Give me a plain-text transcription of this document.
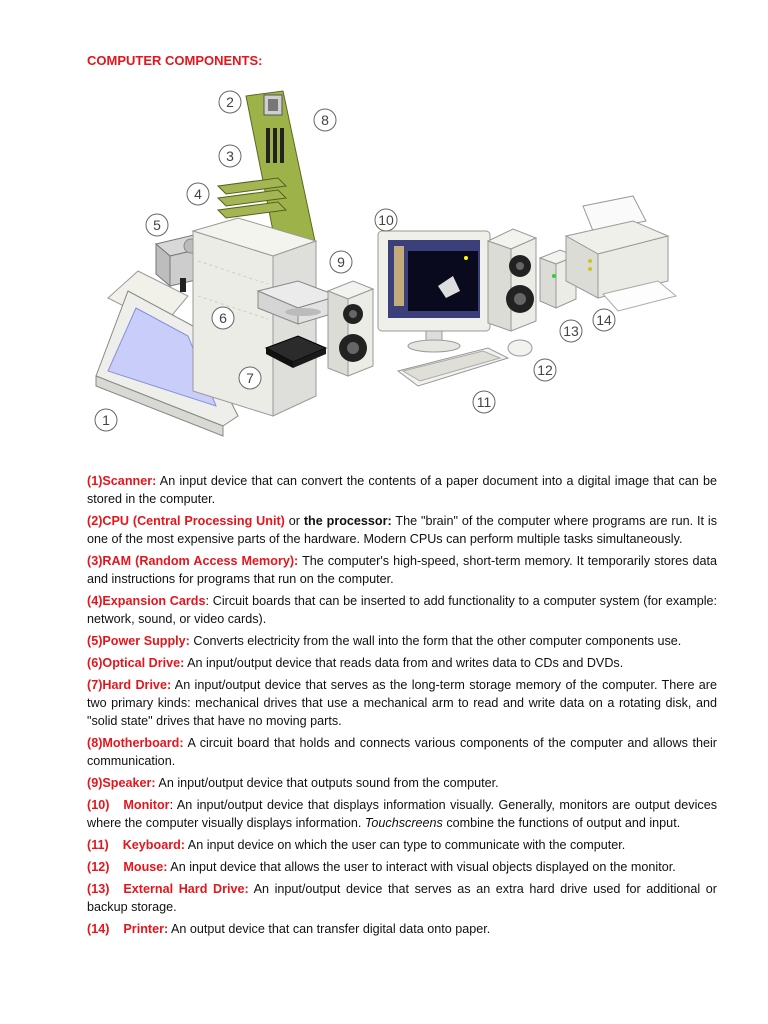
COMPUTER COMPONENTS:
1
2
3
4
5
6
7
8
9
10
11
12
13
14

(1)Scanner: An input device that can convert the contents of a paper document into a digital image that can be stored in the computer.

(2)CPU (Central Processing Unit) or the processor: The "brain" of the computer where programs are run. It is one of the most expensive parts of the hardware. Modern CPUs can perform multiple tasks simultaneously.

(3)RAM (Random Access Memory): The computer's high-speed, short-term memory. It temporarily stores data and instructions for programs that run on the computer.

(4)Expansion Cards: Circuit boards that can be inserted to add functionality to a computer system (for example: network, sound, or video cards).

(5)Power Supply: Converts electricity from the wall into the form that the other computer components use.

(6)Optical Drive: An input/output device that reads data from and writes data to CDs and DVDs.

(7)Hard Drive: An input/output device that serves as the long-term storage memory of the computer. There are two primary kinds: mechanical drives that use a mechanical arm to read and write data on a rotating disk, and "solid state" drives that have no moving parts.

(8)Motherboard: A circuit board that holds and connects various components of the computer and allows their communication.

(9)Speaker: An input/output device that outputs sound from the computer.

(10) Monitor: An input/output device that displays information visually. Generally, monitors are output devices where the computer visually displays information. Touchscreens combine the functions of output and input.

(11) Keyboard: An input device on which the user can type to communicate with the computer.

(12) Mouse: An input device that allows the user to interact with visual objects displayed on the monitor.

(13) External Hard Drive: An input/output device that serves as an extra hard drive used for additional or backup storage.

(14) Printer: An output device that can transfer digital data onto paper.
